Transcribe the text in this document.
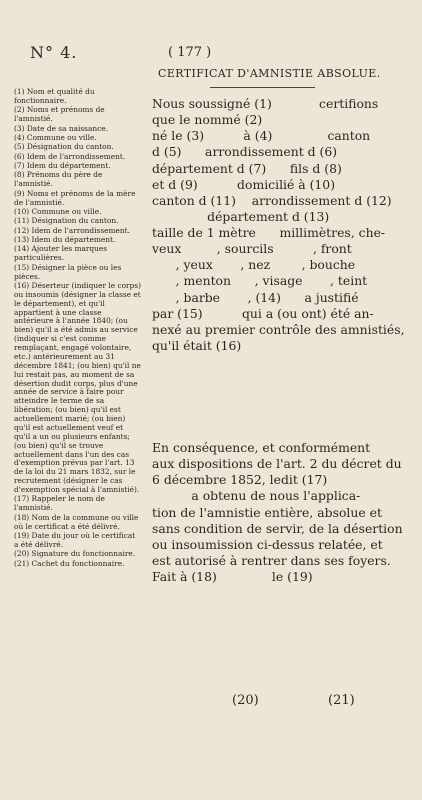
N° 4.	( 177 )
CERTIFICAT D'AMNISTIE ABSOLUE.

(1) Nom et qualité du fonctionnaire.

(2) Noms et prénoms de l'amnistié.

(3) Date de sa naissance.

(4) Commune ou ville.

(5) Désignation du canton.

(6) Idem de l'arrondissement.

(7) Idem du département.

(8) Prénoms du père de l'amnistié.

(9) Noms et prénoms de la mère de l'amnistié.

(10) Commune ou ville.

(11) Désignation du canton.

(12) Idem de l'arrondissement.

(13) Idem du département.

(14) Ajouter les marques particulières.

(15) Désigner la pièce ou les pièces.

(16) Déserteur (indiquer le corps) ou insoumis (désigner la classe et le département), et qu'il appartient à une classe antérieure à l'année 1840; (ou bien) qu'il a été admis au service (indiquer si c'est comme remplaçant, engagé volontaire, etc.) antérieurement au 31 décembre 1841; (ou bien) qu'il ne lui restait pas, au moment de sa désertion dudit corps, plus d'une année de service à faire pour atteindre le terme de sa libération; (ou bien) qu'il est actuellement marié; (ou bien) qu'il est actuellement veuf et qu'il a un ou plusieurs enfants; (ou bien) qu'il se trouve actuellement dans l'un des cas d'exemption prévus par l'art. 13 de la loi du 21 mars 1832, sur le recrutement (désigner le cas d'exemption spécial à l'amnistié).

(17) Rappeler le nom de l'amnistié.

(18) Nom de la commune ou ville où le certificat a été délivré.

(19) Date du jour où le certificat a été délivré.

(20) Signature du fonctionnaire.

(21) Cachet du fonctionnaire.

Nous soussigné (1)            certifions

que le nommé (2)

né le (3)          à (4)              canton

d (5)      arrondissement d (6)

département d (7)      fils d (8)

et d (9)          domicilié à (10)

canton d (11)    arrondissement d (12)

département d (13)

taille de 1 mètre      millimètres, che-

veux         , sourcils          , front

, yeux       , nez        , bouche

, menton      , visage       , teint

, barbe       , (14)      a justifié

par (15)          qui a (ou ont) été an-

nexé au premier contrôle des amnistiés,

qu'il était (16)

En conséquence, et conformément

aux dispositions de l'art. 2 du décret du

6 décembre 1852, ledit (17)

a obtenu de nous l'applica-

tion de l'amnistie entière, absolue et

sans condition de servir, de la désertion

ou insoumission ci-dessus relatée, et

est autorisé à rentrer dans ses foyers.

Fait à (18)              le (19)

(20)	(21)
